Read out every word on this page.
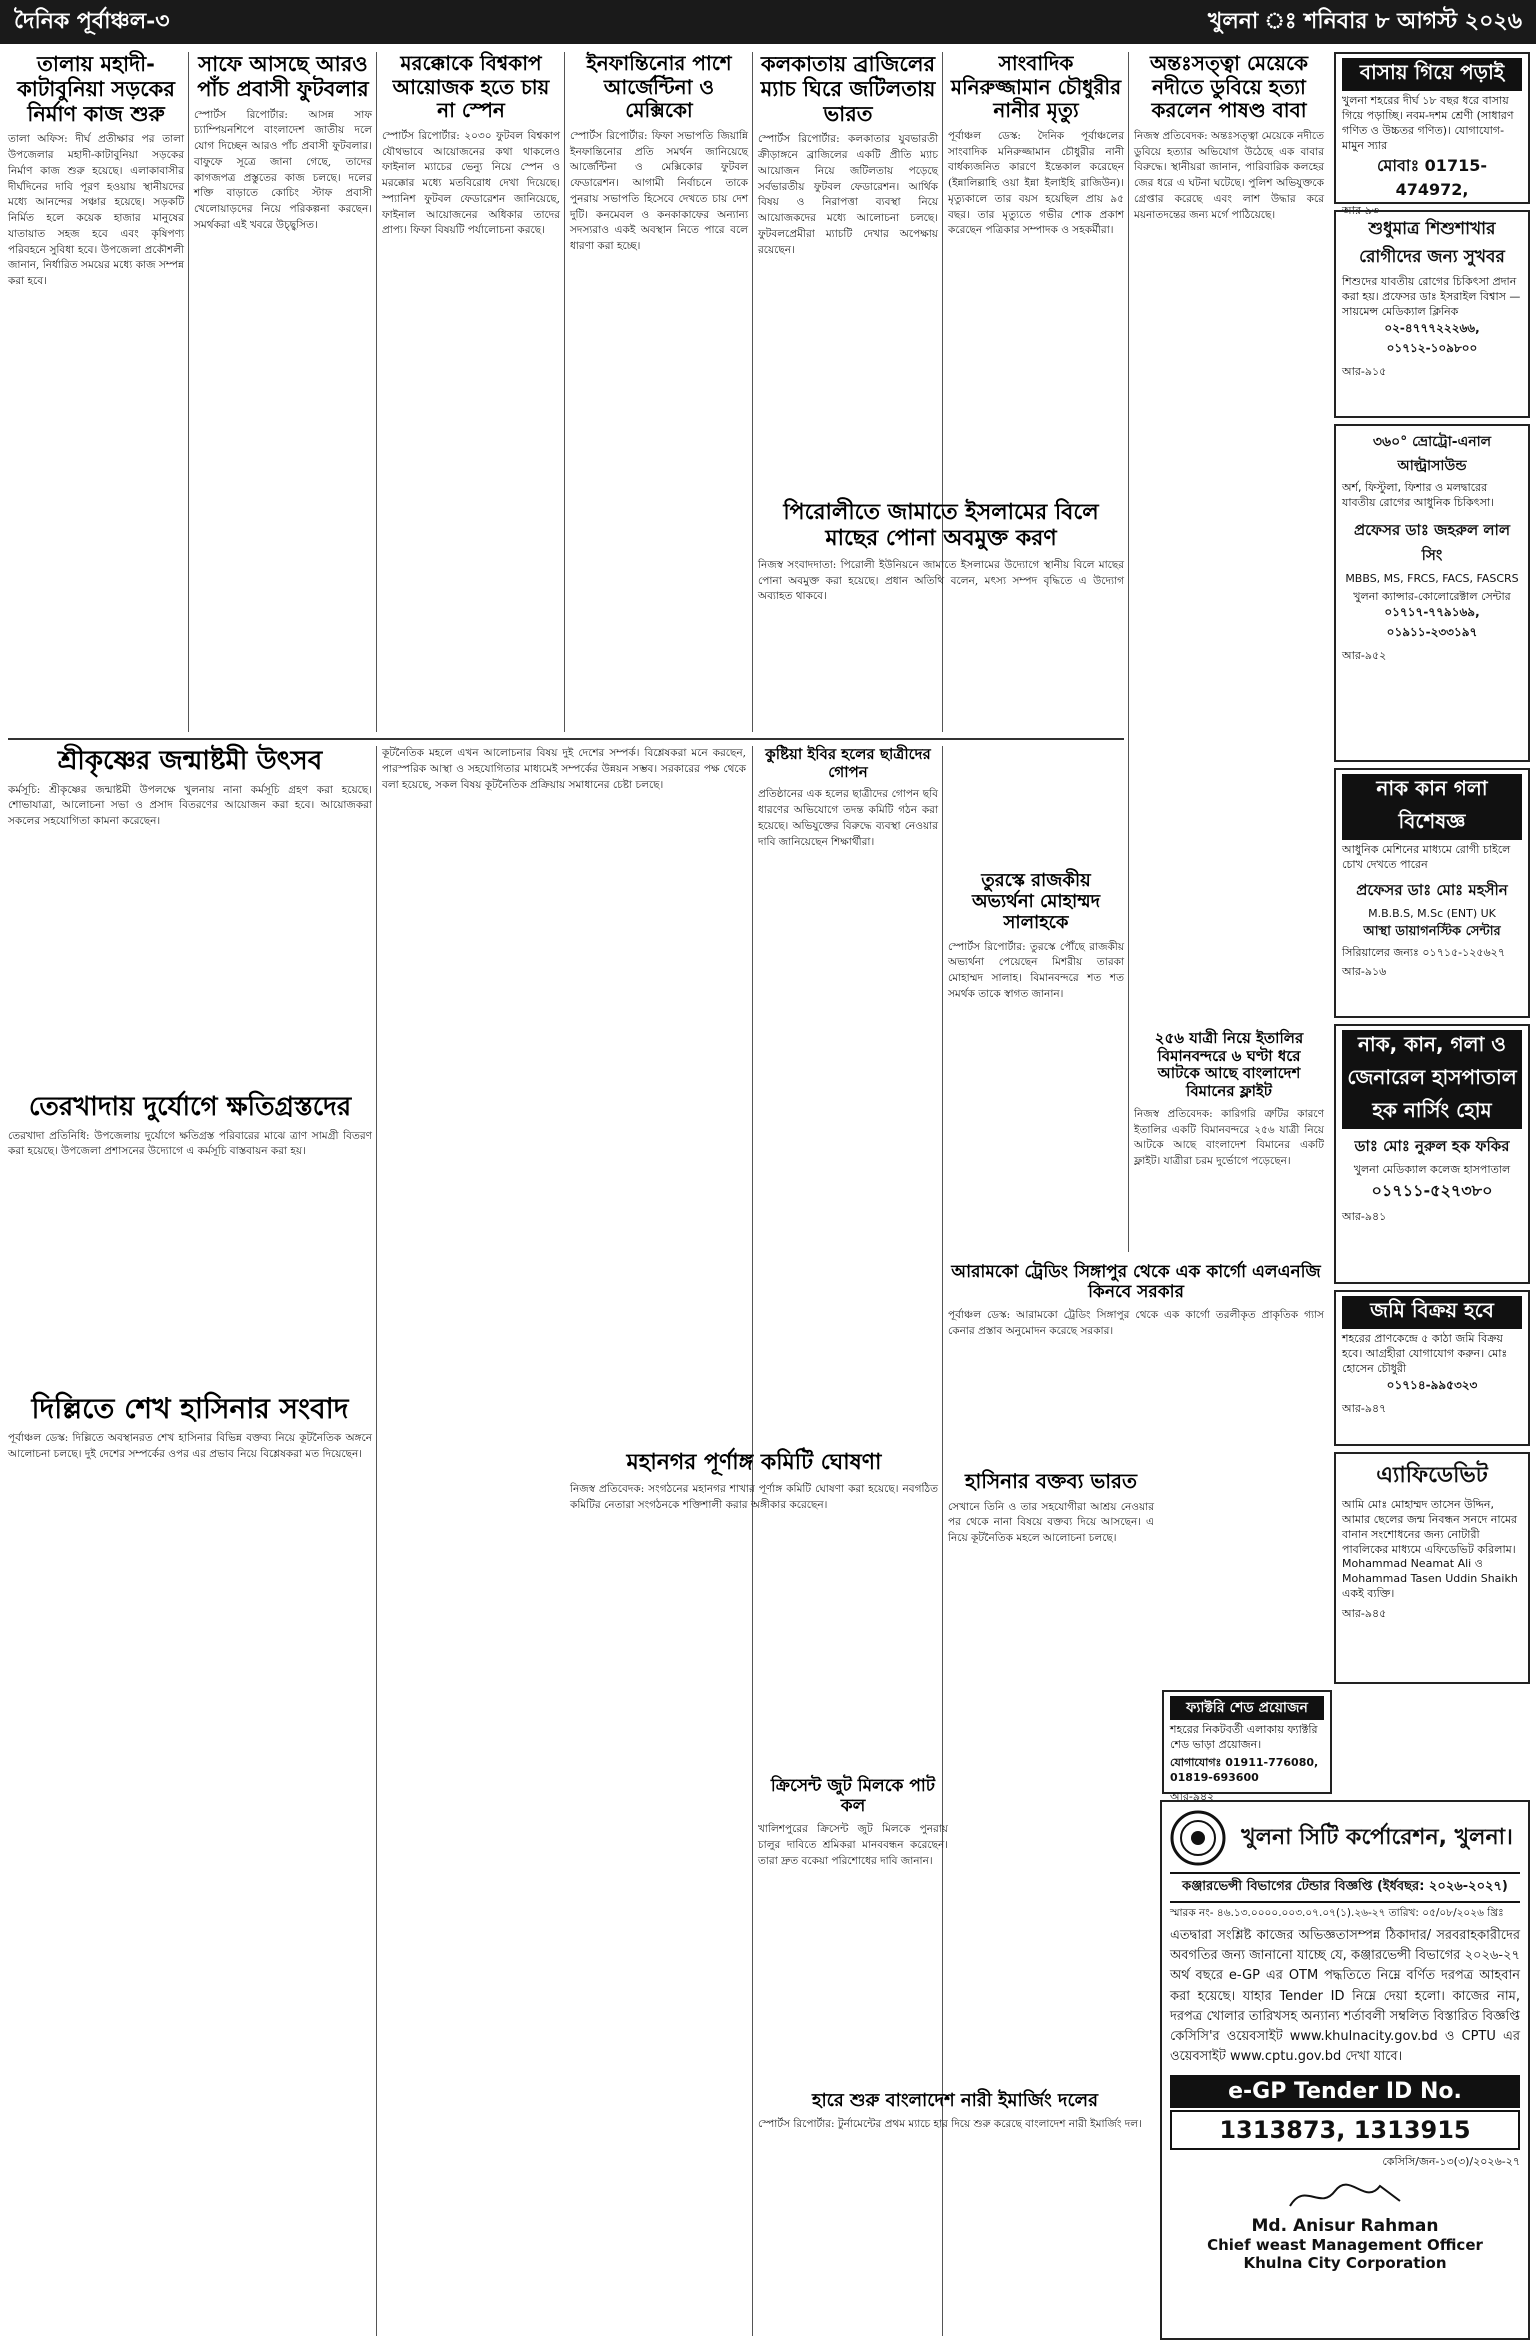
দৈনিক পূর্বাঞ্চল-৩	খুলনা ঃ শনিবার ৮ আগস্ট ২০২৬
তালায় মহাদী-কাটাবুনিয়া সড়কের নির্মাণ কাজ শুরু
তালা অফিস: দীর্ঘ প্রতীক্ষার পর তালা উপজেলার মহাদী-কাটাবুনিয়া সড়কের নির্মাণ কাজ শুরু হয়েছে। এলাকাবাসীর দীর্ঘদিনের দাবি পূরণ হওয়ায় স্থানীয়দের মধ্যে আনন্দের সঞ্চার হয়েছে। সড়কটি নির্মিত হলে কয়েক হাজার মানুষের যাতায়াত সহজ হবে এবং কৃষিপণ্য পরিবহনে সুবিধা হবে। উপজেলা প্রকৌশলী জানান, নির্ধারিত সময়ের মধ্যে কাজ সম্পন্ন করা হবে।
সাফে আসছে আরও পাঁচ প্রবাসী ফুটবলার
স্পোর্টস রিপোর্টার: আসন্ন সাফ চ্যাম্পিয়নশিপে বাংলাদেশ জাতীয় দলে যোগ দিচ্ছেন আরও পাঁচ প্রবাসী ফুটবলার। বাফুফে সূত্রে জানা গেছে, তাদের কাগজপত্র প্রস্তুতের কাজ চলছে। দলের শক্তি বাড়াতে কোচিং স্টাফ প্রবাসী খেলোয়াড়দের নিয়ে পরিকল্পনা করছেন। সমর্থকরা এই খবরে উচ্ছ্বসিত।
মরক্কোকে বিশ্বকাপ আয়োজক হতে চায় না স্পেন
স্পোর্টস রিপোর্টার: ২০৩০ ফুটবল বিশ্বকাপ যৌথভাবে আয়োজনের কথা থাকলেও ফাইনাল ম্যাচের ভেন্যু নিয়ে স্পেন ও মরক্কোর মধ্যে মতবিরোধ দেখা দিয়েছে। স্প্যানিশ ফুটবল ফেডারেশন জানিয়েছে, ফাইনাল আয়োজনের অধিকার তাদের প্রাপ্য। ফিফা বিষয়টি পর্যালোচনা করছে।
ইনফান্তিনোর পাশে আর্জেন্টিনা ও মেক্সিকো
স্পোর্টস রিপোর্টার: ফিফা সভাপতি জিয়ান্নি ইনফান্তিনোর প্রতি সমর্থন জানিয়েছে আর্জেন্টিনা ও মেক্সিকোর ফুটবল ফেডারেশন। আগামী নির্বাচনে তাকে পুনরায় সভাপতি হিসেবে দেখতে চায় দেশ দুটি। কনমেবল ও কনকাকাফের অন্যান্য সদস্যরাও একই অবস্থান নিতে পারে বলে ধারণা করা হচ্ছে।
কলকাতায় ব্রাজিলের ম্যাচ ঘিরে জটিলতায় ভারত
স্পোর্টস রিপোর্টার: কলকাতার যুবভারতী ক্রীড়াঙ্গনে ব্রাজিলের একটি প্রীতি ম্যাচ আয়োজন নিয়ে জটিলতায় পড়েছে সর্বভারতীয় ফুটবল ফেডারেশন। আর্থিক বিষয় ও নিরাপত্তা ব্যবস্থা নিয়ে আয়োজকদের মধ্যে আলোচনা চলছে। ফুটবলপ্রেমীরা ম্যাচটি দেখার অপেক্ষায় রয়েছেন।
সাংবাদিক মনিরুজ্জামান চৌধুরীর নানীর মৃত্যু
পূর্বাঞ্চল ডেস্ক: দৈনিক পূর্বাঞ্চলের সাংবাদিক মনিরুজ্জামান চৌধুরীর নানী বার্ধক্যজনিত কারণে ইন্তেকাল করেছেন (ইন্নালিল্লাহি ওয়া ইন্না ইলাইহি রাজিউন)। মৃত্যুকালে তার বয়স হয়েছিল প্রায় ৯৫ বছর। তার মৃত্যুতে গভীর শোক প্রকাশ করেছেন পত্রিকার সম্পাদক ও সহকর্মীরা।
অন্তঃসত্ত্বা মেয়েকে নদীতে ডুবিয়ে হত্যা করলেন পাষণ্ড বাবা
নিজস্ব প্রতিবেদক: অন্তঃসত্ত্বা মেয়েকে নদীতে ডুবিয়ে হত্যার অভিযোগ উঠেছে এক বাবার বিরুদ্ধে। স্থানীয়রা জানান, পারিবারিক কলহের জের ধরে এ ঘটনা ঘটেছে। পুলিশ অভিযুক্তকে গ্রেপ্তার করেছে এবং লাশ উদ্ধার করে ময়নাতদন্তের জন্য মর্গে পাঠিয়েছে।
বাসায় গিয়ে পড়াই
খুলনা শহরের দীর্ঘ ১৮ বছর ধরে বাসায় গিয়ে পড়াচ্ছি। নবম-দশম শ্রেণী (সাধারণ গণিত ও উচ্চতর গণিত)। যোগাযোগ- মামুন স্যার
মোবাঃ 01715-474972,
আর-৯৩
শুধুমাত্র শিশুশাখার রোগীদের জন্য সুখবর
শিশুদের যাবতীয় রোগের চিকিৎসা প্রদান করা হয়। প্রফেসর ডাঃ ইসরাইল বিশ্বাস — সায়মেন্স মেডিক্যাল ক্লিনিক
০২-৪৭৭৭২২২৬৬, ০১৭১২-১০৯৮০০
আর-৯১৫
৩৬০° ভ্রোট্রো-এনাল আল্ট্রাসাউন্ড
অর্শ, ফিস্টুলা, ফিশার ও মলদ্বারের যাবতীয় রোগের আধুনিক চিকিৎসা।
প্রফেসর ডাঃ জহরুল লাল সিং
MBBS, MS, FRCS, FACS, FASCRS
খুলনা ক্যান্সার-কোলোরেক্টাল সেন্টার
০১৭১৭-৭৭৯১৬৯, ০১৯১১-২৩৩১৯৭
আর-৯৫২
নাক কান গলা বিশেষজ্ঞ
আধুনিক মেশিনের মাধ্যমে রোগী চাইলে চোখ দেখতে পারেন
প্রফেসর ডাঃ মোঃ মহসীন
M.B.B.S, M.Sc (ENT) UK
আস্থা ডায়াগনস্টিক সেন্টার
সিরিয়ালের জন্যঃ ০১৭১৫-১২৫৬২৭
আর-৯১৬
নাক, কান, গলা ও জেনারেল হাসপাতাল হক নার্সিং হোম
ডাঃ মোঃ নুরুল হক ফকির
খুলনা মেডিক্যাল কলেজ হাসপাতাল
০১৭১১-৫২৭৩৮০
আর-৯৪১
জমি বিক্রয় হবে
শহরের প্রাণকেন্দ্রে ৫ কাঠা জমি বিক্রয় হবে। আগ্রহীরা যোগাযোগ করুন। মোঃ হোসেন চৌধুরী
০১৭১৪-৯৯৫৩২৩
আর-৯৪৭
এ্যাফিডেভিট
আমি মোঃ মোহাম্মদ তাসেন উদ্দিন, আমার ছেলের জন্ম নিবন্ধন সনদে নামের বানান সংশোধনের জন্য নোটারী পাবলিকের মাধ্যমে এফিডেভিট করিলাম। Mohammad Neamat Ali ও Mohammad Tasen Uddin Shaikh একই ব্যক্তি।
আর-৯৪৫
শ্রীকৃষ্ণের জন্মাষ্টমী উৎসব
কর্মসূচি: শ্রীকৃষ্ণের জন্মাষ্টমী উপলক্ষে খুলনায় নানা কর্মসূচি গ্রহণ করা হয়েছে। শোভাযাত্রা, আলোচনা সভা ও প্রসাদ বিতরণের আয়োজন করা হবে। আয়োজকরা সকলের সহযোগিতা কামনা করেছেন।
তেরখাদায় দুর্যোগে ক্ষতিগ্রস্তদের
তেরখাদা প্রতিনিধি: উপজেলায় দুর্যোগে ক্ষতিগ্রস্ত পরিবারের মাঝে ত্রাণ সামগ্রী বিতরণ করা হয়েছে। উপজেলা প্রশাসনের উদ্যোগে এ কর্মসূচি বাস্তবায়ন করা হয়।
দিল্লিতে শেখ হাসিনার সংবাদ
পূর্বাঞ্চল ডেস্ক: দিল্লিতে অবস্থানরত শেখ হাসিনার বিভিন্ন বক্তব্য নিয়ে কূটনৈতিক অঙ্গনে আলোচনা চলছে। দুই দেশের সম্পর্কের ওপর এর প্রভাব নিয়ে বিশ্লেষকরা মত দিয়েছেন।
কূটনৈতিক মহলে এখন আলোচনার বিষয় দুই দেশের সম্পর্ক। বিশ্লেষকরা মনে করছেন, পারস্পরিক আস্থা ও সহযোগিতার মাধ্যমেই সম্পর্কের উন্নয়ন সম্ভব। সরকারের পক্ষ থেকে বলা হয়েছে, সকল বিষয় কূটনৈতিক প্রক্রিয়ায় সমাধানের চেষ্টা চলছে।
পিরোলীতে জামাতে ইসলামের বিলে মাছের পোনা অবমুক্ত করণ
নিজস্ব সংবাদদাতা: পিরোলী ইউনিয়নে জামাতে ইসলামের উদ্যোগে স্থানীয় বিলে মাছের পোনা অবমুক্ত করা হয়েছে। প্রধান অতিথি বলেন, মৎস্য সম্পদ বৃদ্ধিতে এ উদ্যোগ অব্যাহত থাকবে।
কুষ্টিয়া ইবির হলের ছাত্রীদের গোপন
প্রতিষ্ঠানের এক হলের ছাত্রীদের গোপন ছবি ধারণের অভিযোগে তদন্ত কমিটি গঠন করা হয়েছে। অভিযুক্তের বিরুদ্ধে ব্যবস্থা নেওয়ার দাবি জানিয়েছেন শিক্ষার্থীরা।
তুরস্কে রাজকীয় অভ্যর্থনা মোহাম্মদ সালাহকে
স্পোর্টস রিপোর্টার: তুরস্কে পৌঁছে রাজকীয় অভ্যর্থনা পেয়েছেন মিশরীয় তারকা মোহাম্মদ সালাহ। বিমানবন্দরে শত শত সমর্থক তাকে স্বাগত জানান।
২৫৬ যাত্রী নিয়ে ইতালির বিমানবন্দরে ৬ ঘণ্টা ধরে আটকে আছে বাংলাদেশ বিমানের ফ্লাইট
নিজস্ব প্রতিবেদক: কারিগরি ত্রুটির কারণে ইতালির একটি বিমানবন্দরে ২৫৬ যাত্রী নিয়ে আটকে আছে বাংলাদেশ বিমানের একটি ফ্লাইট। যাত্রীরা চরম দুর্ভোগে পড়েছেন।
আরামকো ট্রেডিং সিঙ্গাপুর থেকে এক কার্গো এলএনজি কিনবে সরকার
পূর্বাঞ্চল ডেস্ক: আরামকো ট্রেডিং সিঙ্গাপুর থেকে এক কার্গো তরলীকৃত প্রাকৃতিক গ্যাস কেনার প্রস্তাব অনুমোদন করেছে সরকার।
হাসিনার বক্তব্য ভারত
সেখানে তিনি ও তার সহযোগীরা আশ্রয় নেওয়ার পর থেকে নানা বিষয়ে বক্তব্য দিয়ে আসছেন। এ নিয়ে কূটনৈতিক মহলে আলোচনা চলছে।
ফ্যাক্টরি শেড প্রয়োজন
শহরের নিকটবর্তী এলাকায় ফ্যাক্টরি শেড ভাড়া প্রয়োজন।
যোগাযোগঃ 01911-776080, 01819-693600
আর-৯৪২
মহানগর পূর্ণাঙ্গ কমিটি ঘোষণা
নিজস্ব প্রতিবেদক: সংগঠনের মহানগর শাখার পূর্ণাঙ্গ কমিটি ঘোষণা করা হয়েছে। নবগঠিত কমিটির নেতারা সংগঠনকে শক্তিশালী করার অঙ্গীকার করেছেন।
ক্রিসেন্ট জুট মিলকে পাট কল
খালিশপুরের ক্রিসেন্ট জুট মিলকে পুনরায় চালুর দাবিতে শ্রমিকরা মানববন্ধন করেছেন। তারা দ্রুত বকেয়া পরিশোধের দাবি জানান।
হারে শুরু বাংলাদেশ নারী ইমার্জিং দলের
স্পোর্টস রিপোর্টার: টুর্নামেন্টের প্রথম ম্যাচে হার দিয়ে শুরু করেছে বাংলাদেশ নারী ইমার্জিং দল।
খুলনা সিটি কর্পোরেশন, খুলনা।
কঞ্জারভেন্সী বিভাগের টেন্ডার বিজ্ঞপ্তি (ইর্ধবছর: ২০২৬-২০২৭)
স্মারক নং- ৪৬.১৩.০০০০.০০৩.০৭.০৭(১).২৬-২৭ তারিখ: ০৫/০৮/২০২৬ খ্রিঃ
এতদ্বারা সংশ্লিষ্ট কাজের অভিজ্ঞতাসম্পন্ন ঠিকাদার/ সরবরাহকারীদের অবগতির জন্য জানানো যাচ্ছে যে, কঞ্জারভেন্সী বিভাগের ২০২৬-২৭ অর্থ বছরে e-GP এর OTM পদ্ধতিতে নিম্নে বর্ণিত দরপত্র আহবান করা হয়েছে। যাহার Tender ID নিম্নে দেয়া হলো। কাজের নাম, দরপত্র খোলার তারিখসহ অন্যান্য শর্তাবলী সম্বলিত বিস্তারিত বিজ্ঞপ্তি কেসিসি'র ওয়েবসাইট www.khulnacity.gov.bd ও CPTU এর ওয়েবসাইট www.cptu.gov.bd দেখা যাবে।
e-GP Tender ID No.
1313873, 1313915
কেসিসি/জন-১৩(৩)/২০২৬-২৭
Md. Anisur Rahman
Chief weast Management Officer
Khulna City Corporation
